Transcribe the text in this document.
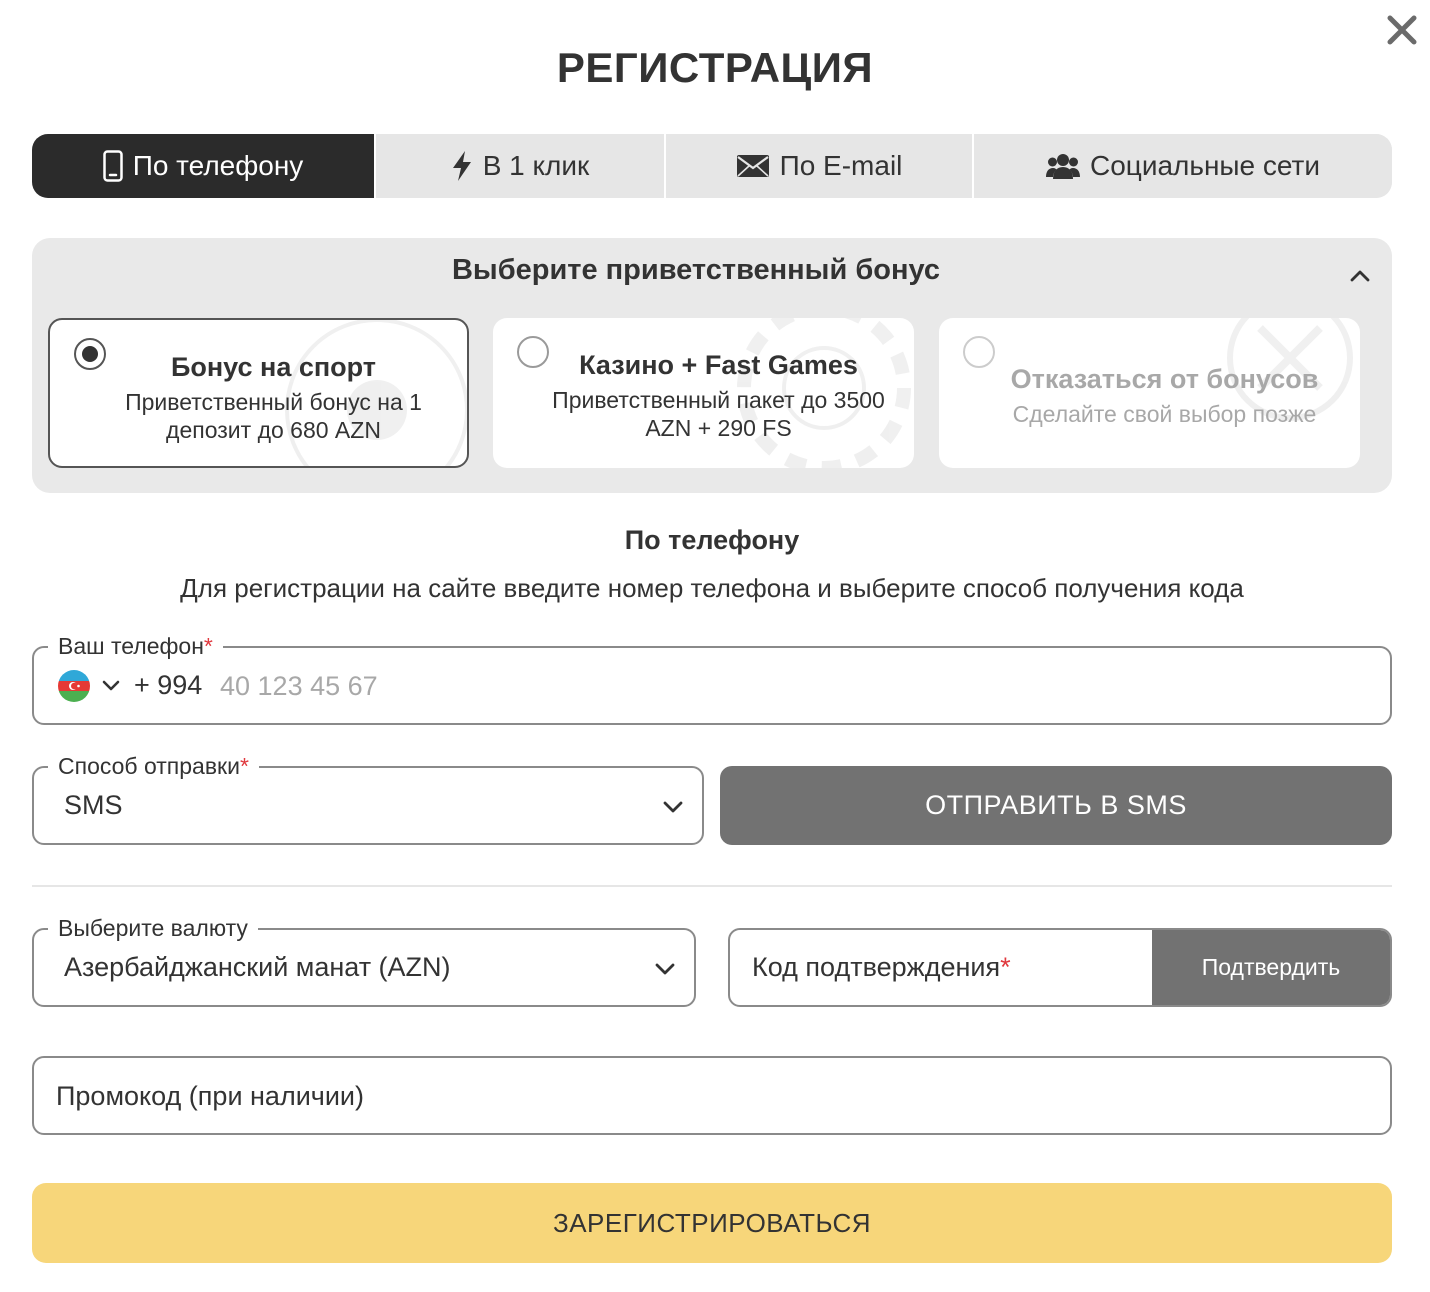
РЕГИСТРАЦИЯ
По телефону	В 1 клик	По E-mail	Социальные сети
Выберите приветственный бонус
Бонус на спорт
Приветственный бонус на 1 депозит до 680 AZN
Казино + Fast Games
Приветственный пакет до 3500 AZN + 290 FS
Отказаться от бонусов
Сделайте свой выбор позже
По телефону
Для регистрации на сайте введите номер телефона и выберите способ получения кода
Ваш телефон*
+ 994
40 123 45 67
Способ отправки*
SMS	ОТПРАВИТЬ В SMS
Выберите валюту
Азербайджанский манат (AZN)	Код подтверждения*	Подтвердить
Промокод (при наличии)
ЗАРЕГИСТРИРОВАТЬСЯ
